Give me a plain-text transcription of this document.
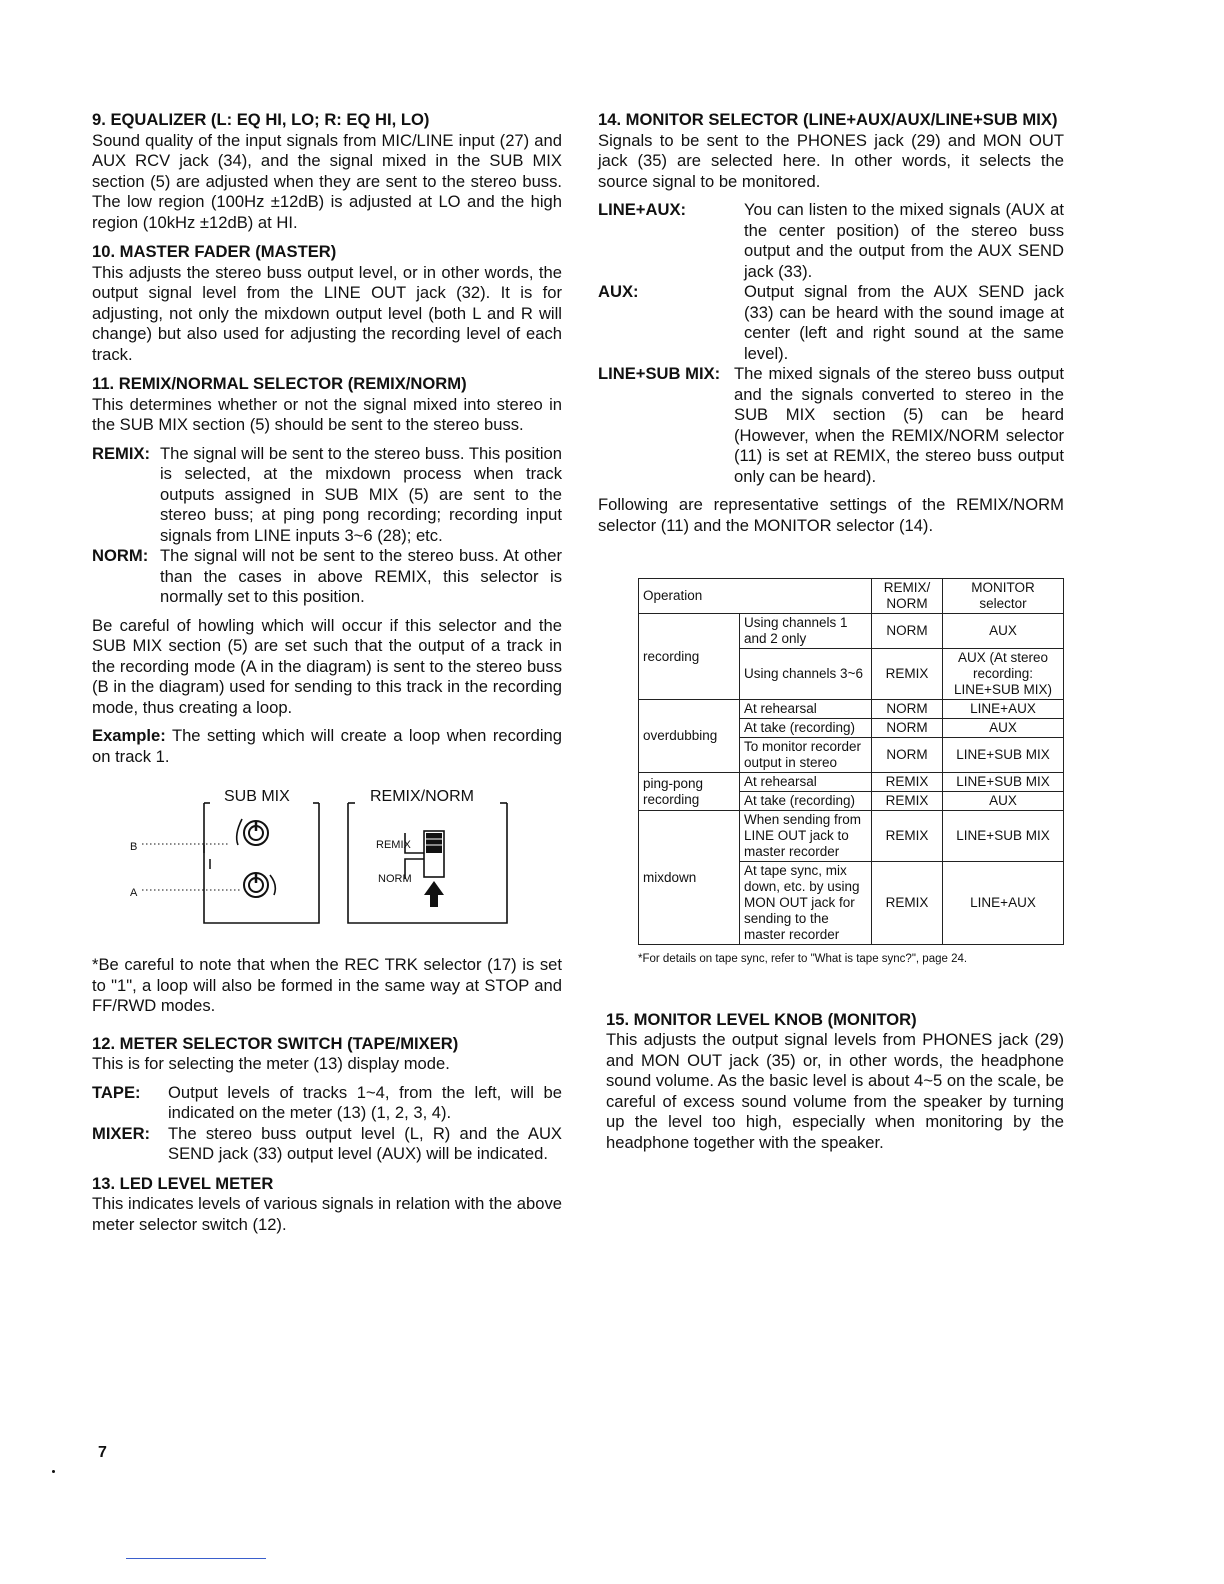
9. EQUALIZER (L: EQ HI, LO; R: EQ HI, LO)

Sound quality of the input signals from MIC/LINE input (27) and AUX RCV jack (34), and the signal mixed in the SUB MIX section (5) are adjusted when they are sent to the stereo buss. The low region (100Hz ±12dB) is adjusted at LO and the high region (10kHz ±12dB) at HI.

10. MASTER FADER (MASTER)

This adjusts the stereo buss output level, or in other words, the output signal level from the LINE OUT jack (32). It is for adjusting, not only the mixdown output level (both L and R will change) but also used for adjusting the recording level of each track.

11. REMIX/NORMAL SELECTOR (REMIX/NORM)

This determines whether or not the signal mixed into stereo in the SUB MIX section (5) should be sent to the stereo buss.

REMIX: The signal will be sent to the stereo buss. This position is selected, at the mixdown process when track outputs assigned in SUB MIX (5) are sent to the stereo buss; at ping pong recording; recording input signals from LINE inputs 3~6 (28); etc.
NORM: The signal will not be sent to the stereo buss. At other than the cases in above REMIX, this selector is normally set to this position.

Be careful of howling which will occur if this selector and the SUB MIX section (5) are set such that the output of a track in the recording mode (A in the diagram) is sent to the stereo buss (B in the diagram) used for sending to this track in the recording mode, thus creating a loop.

Example: The setting which will create a loop when recording on track 1.

SUB MIX	REMIX/NORM
B
A
REMIX
NORM

*Be careful to note that when the REC TRK selector (17) is set to "1", a loop will also be formed in the same way at STOP and FF/RWD modes.

12. METER SELECTOR SWITCH (TAPE/MIXER)

This is for selecting the meter (13) display mode.

TAPE:	Output levels of tracks 1~4, from the left, will be indicated on the meter (13) (1, 2, 3, 4).
MIXER:	The stereo buss output level (L, R) and the AUX SEND jack (33) output level (AUX) will be indicated.
13. LED LEVEL METER

This indicates levels of various signals in relation with the above meter selector switch (12).

14. MONITOR SELECTOR (LINE+AUX/AUX/LINE+SUB MIX)

Signals to be sent to the PHONES jack (29) and MON OUT jack (35) are selected here. In other words, it selects the source signal to be monitored.

LINE+AUX:	You can listen to the mixed signals (AUX at the center position) of the stereo buss output and the output from the AUX SEND jack (33).
AUX:	Output signal from the AUX SEND jack (33) can be heard with the sound image at center (left and right sound at the same level).
LINE+SUB MIX: The mixed signals of the stereo buss output and the signals converted to stereo in the SUB MIX section (5) can be heard (However, when the REMIX/NORM selector (11) is set at REMIX, the stereo buss output only can be heard).

Following are representative settings of the REMIX/NORM selector (11) and the MONITOR selector (14).

Operation		REMIX/ NORM	MONITOR selector
recording	Using channels 1 and 2 only	NORM	AUX
	Using channels 3~6	REMIX	AUX (At stereo recording: LINE+SUB MIX)
overdubbing	At rehearsal	NORM	LINE+AUX
	At take (recording)	NORM	AUX
	To monitor recorder output in stereo	NORM	LINE+SUB MIX
ping-pong recording	At rehearsal	REMIX	LINE+SUB MIX
	At take (recording)	REMIX	AUX
mixdown	When sending from LINE OUT jack to master recorder	REMIX	LINE+SUB MIX
	At tape sync, mix down, etc. by using MON OUT jack for sending to the master recorder	REMIX	LINE+AUX
*For details on tape sync, refer to "What is tape sync?", page 24.
15. MONITOR LEVEL KNOB (MONITOR)

This adjusts the output signal levels from PHONES jack (29) and MON OUT jack (35) or, in other words, the headphone sound volume. As the basic level is about 4~5 on the scale, be careful of excess sound volume from the speaker by turning up the level too high, especially when monitoring by the headphone together with the speaker.

7
